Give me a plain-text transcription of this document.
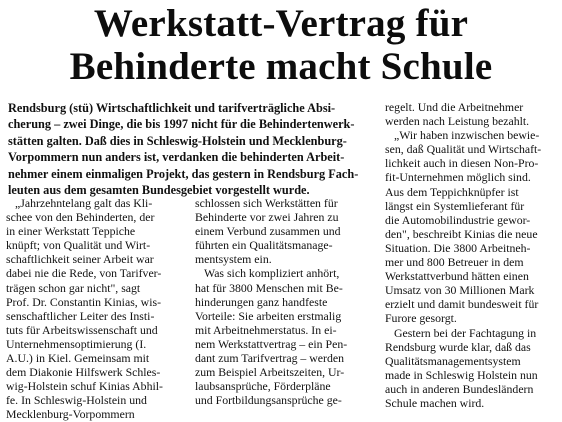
Werkstatt-Vertrag für
Behinderte macht Schule
Rendsburg (stü) Wirtschaftlichkeit und tarifverträgliche Absi-
cherung – zwei Dinge, die bis 1997 nicht für die Behindertenwerk-
stätten galten. Daß dies in Schleswig-Holstein und Mecklenburg-
Vorpommern nun anders ist, verdanken die behinderten Arbeit-
nehmer einem einmaligen Projekt, das gestern in Rendsburg Fach-
leuten aus dem gesamten Bundesgebiet vorgestellt wurde.
„Jahrzehntelang galt das Kli-
schee von den Behinderten, der
in einer Werkstatt Teppiche
knüpft; von Qualität und Wirt-
schaftlichkeit seiner Arbeit war
dabei nie die Rede, von Tarifver-
trägen schon gar nicht", sagt
Prof. Dr. Constantin Kinias, wis-
senschaftlicher Leiter des Insti-
tuts für Arbeitswissenschaft und
Unternehmensoptimierung (I.
A.U.) in Kiel. Gemeinsam mit
dem Diakonie Hilfswerk Schles-
wig-Holstein schuf Kinias Abhil-
fe. In Schleswig-Holstein und
Mecklenburg-Vorpommern
schlossen sich Werkstätten für
Behinderte vor zwei Jahren zu
einem Verbund zusammen und
führten ein Qualitätsmanage-
mentsystem ein.
Was sich kompliziert anhört,
hat für 3800 Menschen mit Be-
hinderungen ganz handfeste
Vorteile: Sie arbeiten erstmalig
mit Arbeitnehmerstatus. In ei-
nem Werkstattvertrag – ein Pen-
dant zum Tarifvertrag – werden
zum Beispiel Arbeitszeiten, Ur-
laubsansprüche, Förderpläne
und Fortbildungsansprüche ge-
regelt. Und die Arbeitnehmer
werden nach Leistung bezahlt.
„Wir haben inzwischen bewie-
sen, daß Qualität und Wirtschaft-
lichkeit auch in diesen Non-Pro-
fit-Unternehmen möglich sind.
Aus dem Teppichknüpfer ist
längst ein Systemlieferant für
die Automobilindustrie gewor-
den", beschreibt Kinias die neue
Situation. Die 3800 Arbeitneh-
mer und 800 Betreuer in dem
Werkstattverbund hätten einen
Umsatz von 30 Millionen Mark
erzielt und damit bundesweit für
Furore gesorgt.
Gestern bei der Fachtagung in
Rendsburg wurde klar, daß das
Qualitätsmanagementsystem
made in Schleswig Holstein nun
auch in anderen Bundesländern
Schule machen wird.
